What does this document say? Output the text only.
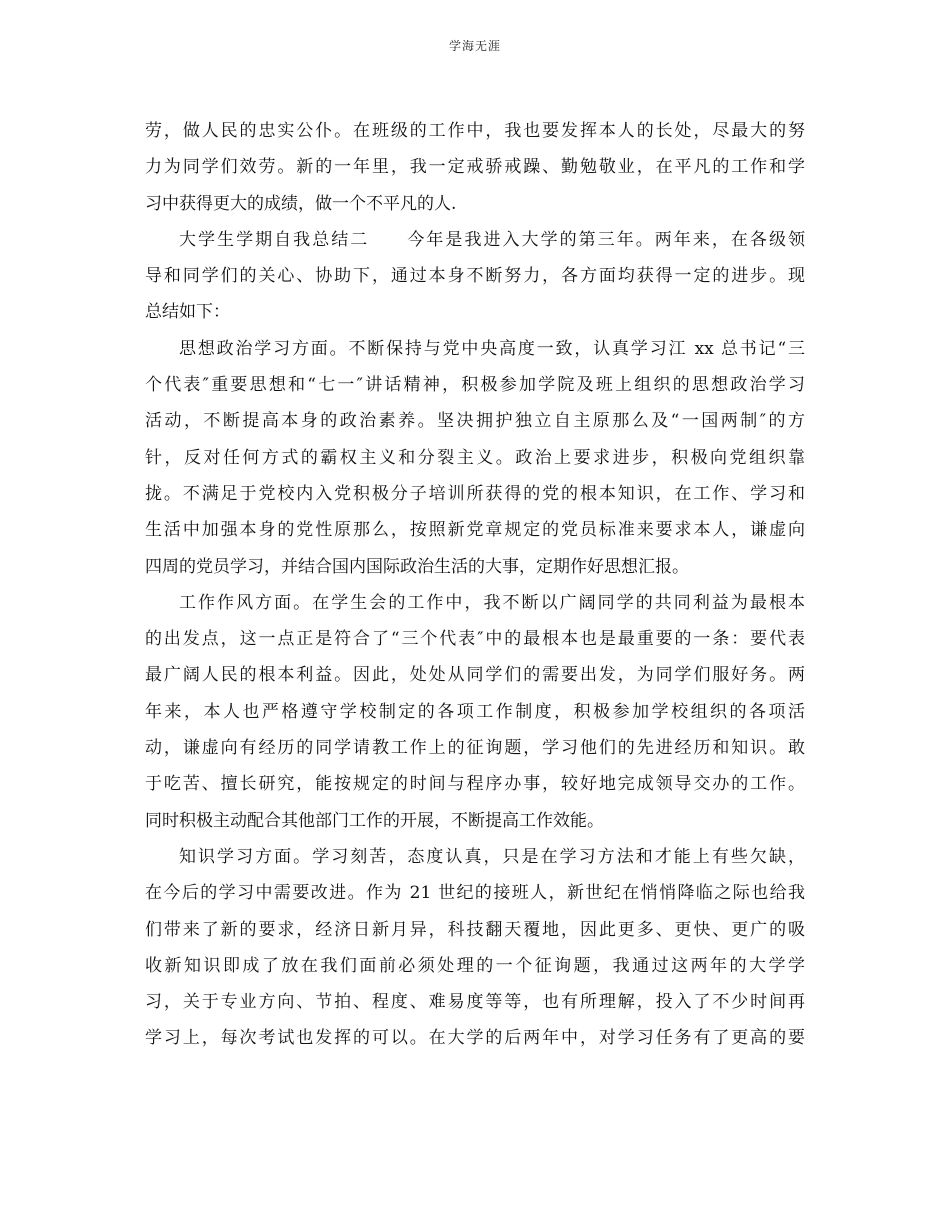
学海无涯
劳，做人民的忠实公仆。在班级的工作中，我也要发挥本人的长处，尽最大的努
力为同学们效劳。新的一年里，我一定戒骄戒躁、勤勉敬业，在平凡的工作和学
习中获得更大的成绩，做一个不平凡的人.
大学生学期自我总结二　　今年是我进入大学的第三年。两年来，在各级领
导和同学们的关心、协助下，通过本身不断努力，各方面均获得一定的进步。现
总结如下：
思想政治学习方面。不断保持与党中央高度一致，认真学习江 xx 总书记“三
个代表″重要思想和“七一″讲话精神，积极参加学院及班上组织的思想政治学习
活动，不断提高本身的政治素养。坚决拥护独立自主原那么及“一国两制″的方
针，反对任何方式的霸权主义和分裂主义。政治上要求进步，积极向党组织靠
拢。不满足于党校内入党积极分子培训所获得的党的根本知识，在工作、学习和
生活中加强本身的党性原那么，按照新党章规定的党员标准来要求本人，谦虚向
四周的党员学习，并结合国内国际政治生活的大事，定期作好思想汇报。
工作作风方面。在学生会的工作中，我不断以广阔同学的共同利益为最根本
的出发点，这一点正是符合了“三个代表″中的最根本也是最重要的一条：要代表
最广阔人民的根本利益。因此，处处从同学们的需要出发，为同学们服好务。两
年来，本人也严格遵守学校制定的各项工作制度，积极参加学校组织的各项活
动，谦虚向有经历的同学请教工作上的征询题，学习他们的先进经历和知识。敢
于吃苦、擅长研究，能按规定的时间与程序办事，较好地完成领导交办的工作。
同时积极主动配合其他部门工作的开展，不断提高工作效能。
知识学习方面。学习刻苦，态度认真，只是在学习方法和才能上有些欠缺，
在今后的学习中需要改进。作为 21 世纪的接班人，新世纪在悄悄降临之际也给我
们带来了新的要求，经济日新月异，科技翻天覆地，因此更多、更快、更广的吸
收新知识即成了放在我们面前必须处理的一个征询题，我通过这两年的大学学
习，关于专业方向、节拍、程度、难易度等等，也有所理解，投入了不少时间再
学习上，每次考试也发挥的可以。在大学的后两年中，对学习任务有了更高的要
